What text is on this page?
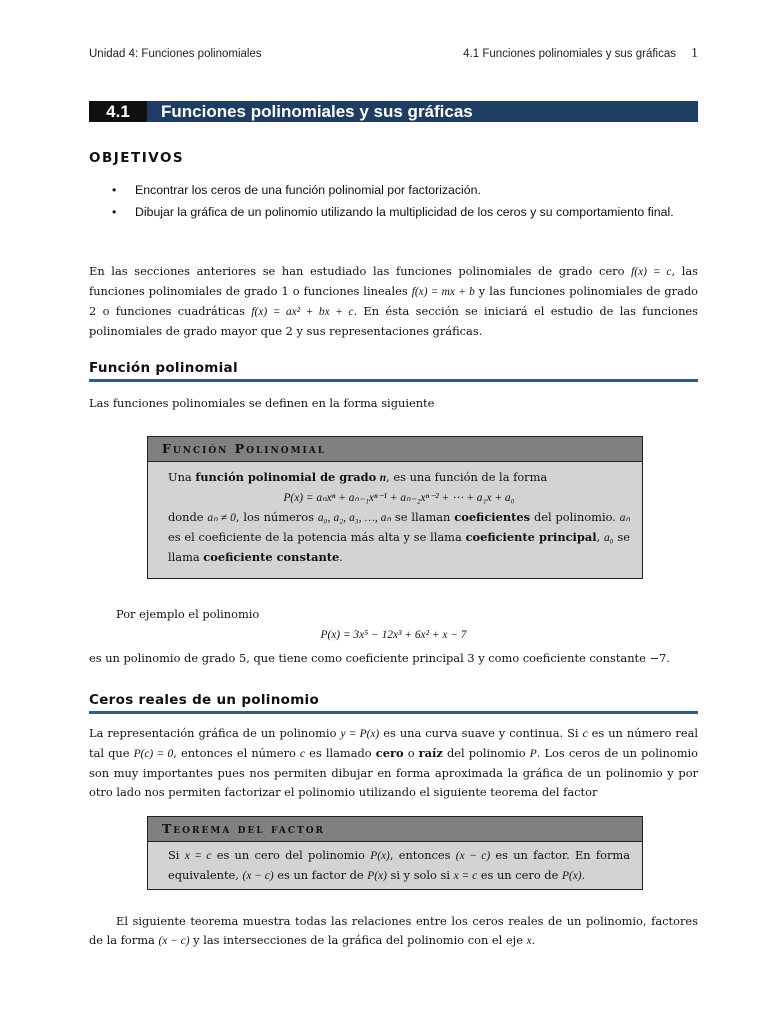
Unidad 4: Funciones polinomiales	4.1 Funciones polinomiales y sus gráficas 1
4.1	Funciones polinomiales y sus gráficas
OBJETIVOS
• Encontrar los ceros de una función polinomial por factorización.
• Dibujar la gráfica de un polinomio utilizando la multiplicidad de los ceros y su comportamiento final.
En las secciones anteriores se han estudiado las funciones polinomiales de grado cero f(x) = c, las funciones polinomiales de grado 1 o funciones lineales f(x) = mx + b y las funciones polinomiales de grado 2 o funciones cuadráticas f(x) = ax² + bx + c. En ésta sección se iniciará el estudio de las funciones polinomiales de grado mayor que 2 y sus representaciones gráficas.
Función polinomial
Las funciones polinomiales se definen en la forma siguiente
Función Polinomial
Una función polinomial de grado n, es una función de la forma
P(x) = aₙxⁿ + aₙ₋₁xⁿ⁻¹ + aₙ₋₂xⁿ⁻² + ⋯ + a₁x + a₀
donde aₙ ≠ 0, los números a₀, a₂, a₃, …, aₙ se llaman coeficientes del polinomio. aₙ es el coeficiente de la potencia más alta y se llama coeficiente principal, a₀ se llama coeficiente constante.
Por ejemplo el polinomio
P(x) = 3x⁵ − 12x³ + 6x² + x − 7
es un polinomio de grado 5, que tiene como coeficiente principal 3 y como coeficiente constante −7.
Ceros reales de un polinomio
La representación gráfica de un polinomio y = P(x) es una curva suave y continua. Si c es un número real tal que P(c) = 0, entonces el número c es llamado cero o raíz del polinomio P. Los ceros de un polinomio son muy importantes pues nos permiten dibujar en forma aproximada la gráfica de un polinomio y por otro lado nos permiten factorizar el polinomio utilizando el siguiente teorema del factor
Teorema del factor
Si x = c es un cero del polinomio P(x), entonces (x − c) es un factor. En forma equivalente, (x − c) es un factor de P(x) si y solo si x = c es un cero de P(x).
El siguiente teorema muestra todas las relaciones entre los ceros reales de un polinomio, factores de la forma (x − c) y las intersecciones de la gráfica del polinomio con el eje x.
